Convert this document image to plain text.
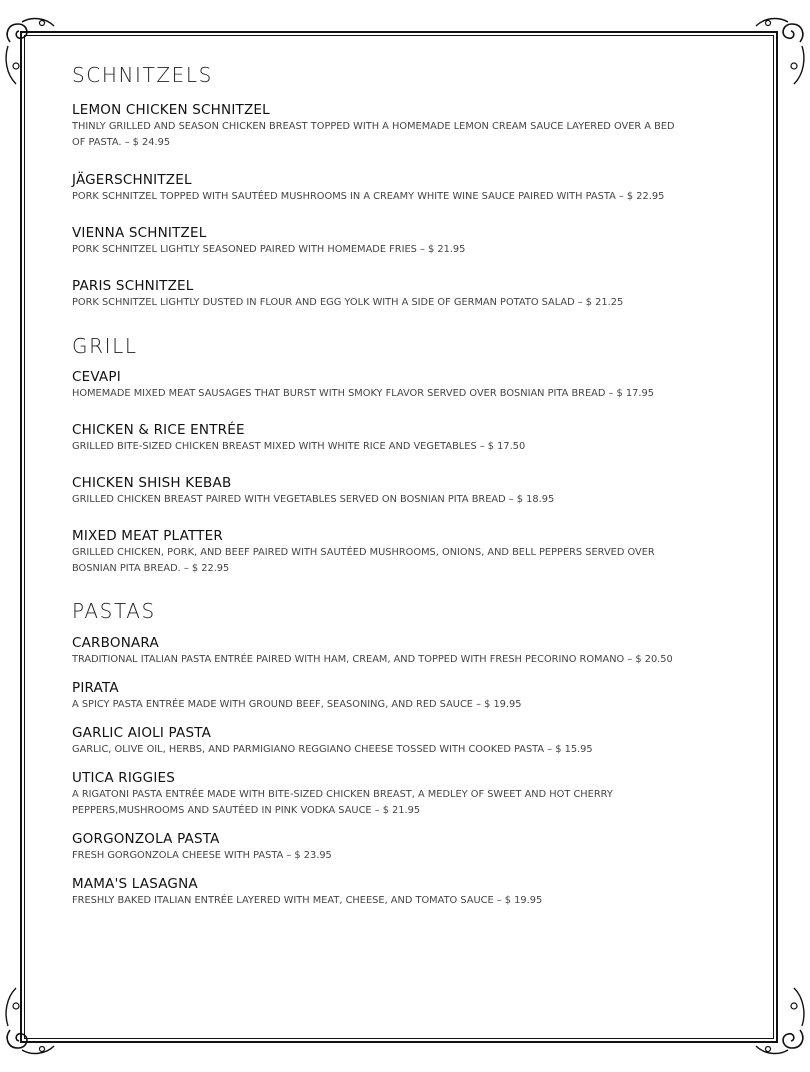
SCHNITZELS

LEMON CHICKEN SCHNITZEL

THINLY GRILLED AND SEASON CHICKEN BREAST TOPPED WITH A HOMEMADE LEMON CREAM SAUCE LAYERED OVER A BED

OF PASTA. – $ 24.95

JÄGERSCHNITZEL

PORK SCHNITZEL TOPPED WITH SAUTÉED MUSHROOMS IN A CREAMY WHITE WINE SAUCE PAIRED WITH PASTA – $ 22.95

VIENNA SCHNITZEL

PORK SCHNITZEL LIGHTLY SEASONED PAIRED WITH HOMEMADE FRIES – $ 21.95

PARIS SCHNITZEL

PORK SCHNITZEL LIGHTLY DUSTED IN FLOUR AND EGG YOLK WITH A SIDE OF GERMAN POTATO SALAD – $ 21.25

GRILL

CEVAPI

HOMEMADE MIXED MEAT SAUSAGES THAT BURST WITH SMOKY FLAVOR SERVED OVER BOSNIAN PITA BREAD – $ 17.95

CHICKEN & RICE ENTRÉE

GRILLED BITE-SIZED CHICKEN BREAST MIXED WITH WHITE RICE AND VEGETABLES – $ 17.50

CHICKEN SHISH KEBAB

GRILLED CHICKEN BREAST PAIRED WITH VEGETABLES SERVED ON BOSNIAN PITA BREAD – $ 18.95

MIXED MEAT PLATTER

GRILLED CHICKEN, PORK, AND BEEF PAIRED WITH SAUTÉED MUSHROOMS, ONIONS, AND BELL PEPPERS SERVED OVER

BOSNIAN PITA BREAD. – $ 22.95

PASTAS

CARBONARA

TRADITIONAL ITALIAN PASTA ENTRÉE PAIRED WITH HAM, CREAM, AND TOPPED WITH FRESH PECORINO ROMANO – $ 20.50

PIRATA

A SPICY PASTA ENTRÉE MADE WITH GROUND BEEF, SEASONING, AND RED SAUCE – $ 19.95

GARLIC AIOLI PASTA

GARLIC, OLIVE OIL, HERBS, AND PARMIGIANO REGGIANO CHEESE TOSSED WITH COOKED PASTA – $ 15.95

UTICA RIGGIES

A RIGATONI PASTA ENTRÉE MADE WITH BITE-SIZED CHICKEN BREAST, A MEDLEY OF SWEET AND HOT CHERRY

PEPPERS,MUSHROOMS AND SAUTÉED IN PINK VODKA SAUCE – $ 21.95

GORGONZOLA PASTA

FRESH GORGONZOLA CHEESE WITH PASTA – $ 23.95

MAMA'S LASAGNA

FRESHLY BAKED ITALIAN ENTRÉE LAYERED WITH MEAT, CHEESE, AND TOMATO SAUCE – $ 19.95
